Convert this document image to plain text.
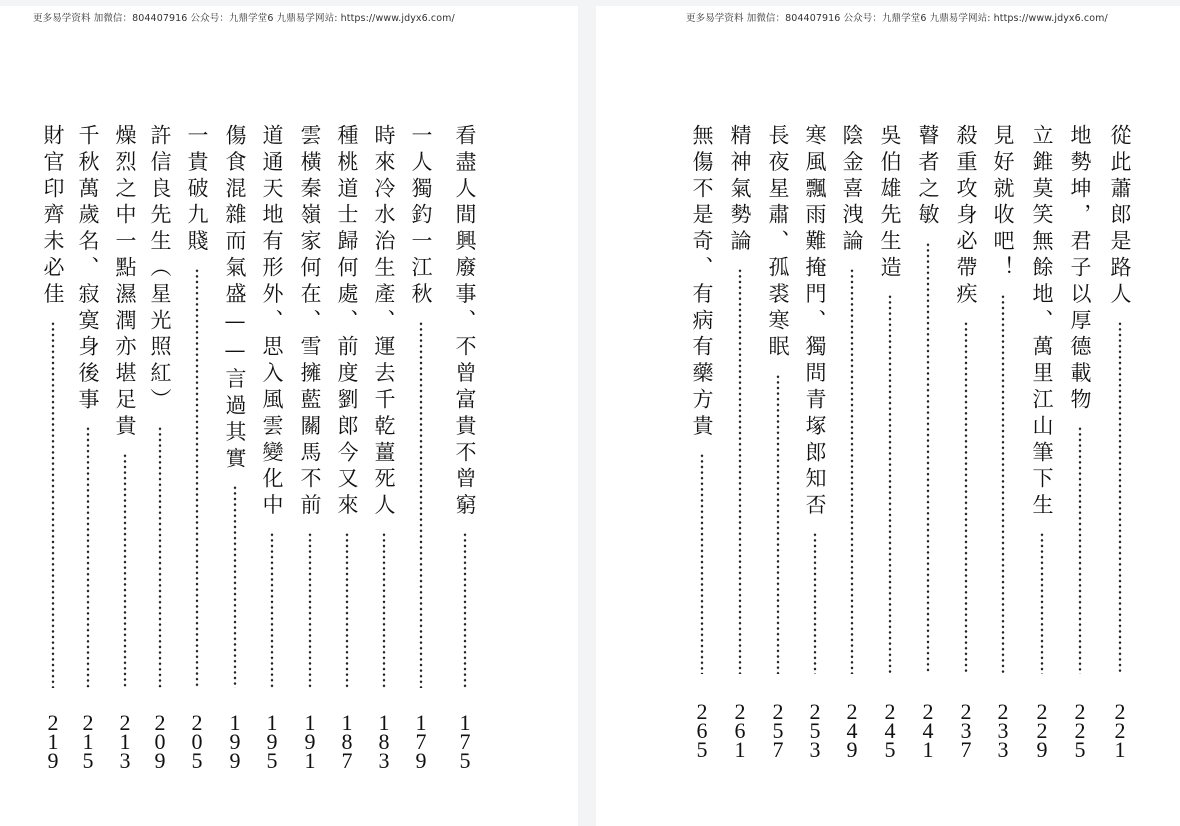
更多易学资料 加微信：804407916 公众号：九鼎学堂6 九鼎易学网站: https://www.jdyx6.com/
看盡人間興廢事、不曾富貴不曾窮
1
7
5
一人獨釣一江秋
1
7
9
時來冷水治生產、運去千乾薑死人
1
8
3
種桃道士歸何處、前度劉郎今又來
1
8
7
雲橫秦嶺家何在、雪擁藍關馬不前
1
9
1
道通天地有形外、思入風雲變化中
1
9
5
傷食混雜而氣盛——言過其實
1
9
9
一貴破九賤
2
0
5
許信良先生（星光照紅）
2
0
9
燥烈之中一點濕潤亦堪足貴
2
1
3
千秋萬歲名、寂寞身後事
2
1
5
財官印齊未必佳
2
1
9
更多易学资料 加微信：804407916 公众号：九鼎学堂6 九鼎易学网站: https://www.jdyx6.com/
從此蕭郎是路人
2
2
1
地勢坤，君子以厚德載物
2
2
5
立錐莫笑無餘地、萬里江山筆下生
2
2
9
見好就收吧！
2
3
3
殺重攻身必帶疾
2
3
7
瞽者之敏
2
4
1
吳伯雄先生造
2
4
5
陰金喜洩論
2
4
9
寒風飄雨難掩門、獨問青塚郎知否
2
5
3
長夜星肅、孤裘寒眠
2
5
7
精神氣勢論
2
6
1
無傷不是奇、有病有藥方貴
2
6
5
